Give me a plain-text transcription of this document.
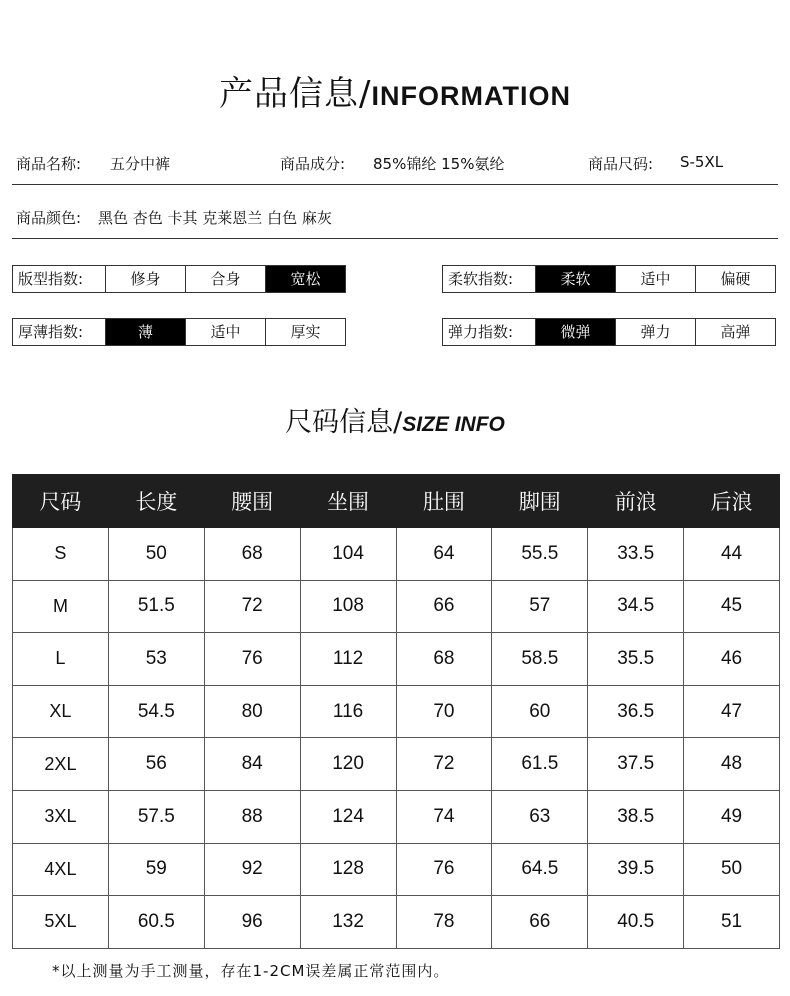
产品信息/INFORMATION
商品名称: 五分中裤	商品成分: 85%锦纶 15%氨纶	商品尺码: S-5XL
商品颜色: 黑色 杏色 卡其 克莱恩兰 白色 麻灰
版型指数:	修身	合身	宽松	柔软指数:	柔软	适中	偏硬
厚薄指数:	薄	适中	厚实	弹力指数:	微弹	弹力	高弹
尺码信息/SIZE INFO
尺码	长度	腰围	坐围	肚围	脚围	前浪	后浪
S	50	68	104	64	55.5	33.5	44
M	51.5	72	108	66	57	34.5	45
L	53	76	112	68	58.5	35.5	46
XL	54.5	80	116	70	60	36.5	47
2XL	56	84	120	72	61.5	37.5	48
3XL	57.5	88	124	74	63	38.5	49
4XL	59	92	128	76	64.5	39.5	50
5XL	60.5	96	132	78	66	40.5	51
*以上测量为手工测量，存在1-2CM误差属正常范围内。
